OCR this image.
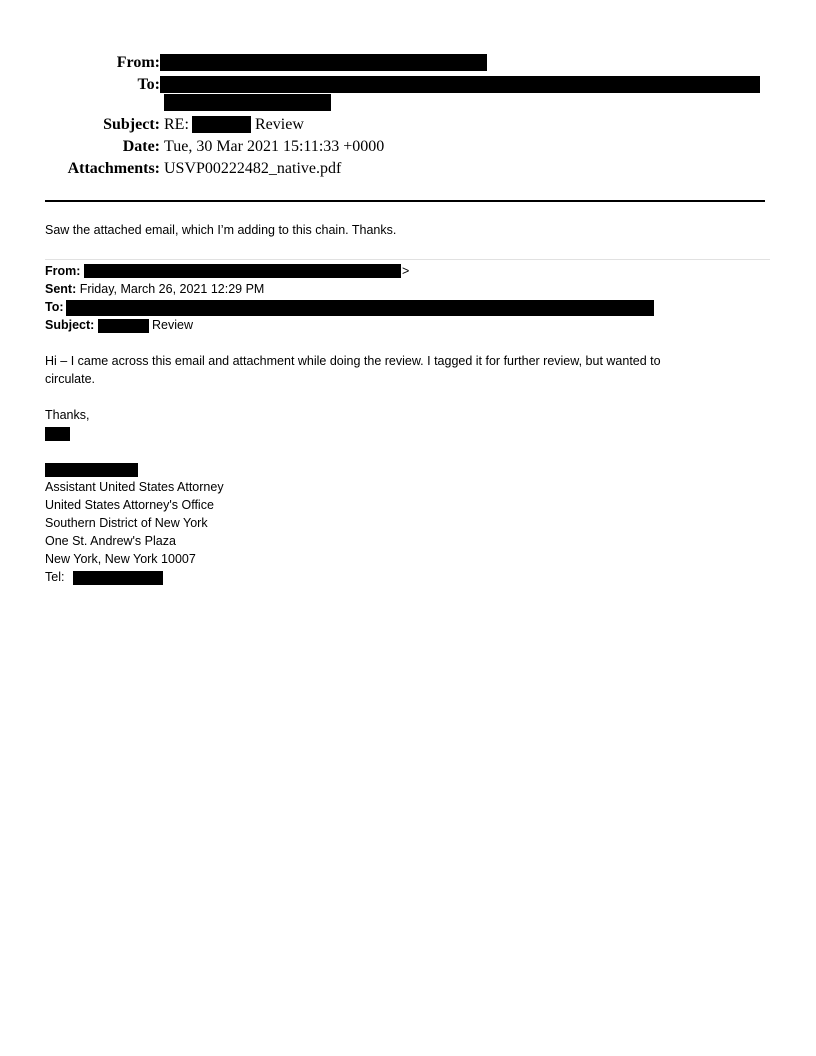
From:
To:
Subject: RE:	Review
Date: Tue, 30 Mar 2021 15:11:33 +0000
Attachments: USVP00222482_native.pdf
Saw the attached email, which I’m adding to this chain. Thanks.
From:	>
Sent: Friday, March 26, 2021 12:29 PM
To:
Subject:	Review
Hi – I came across this email and attachment while doing the review. I tagged it for further review, but wanted to
circulate.
Thanks,
Assistant United States Attorney
United States Attorney's Office
Southern District of New York
One St. Andrew's Plaza
New York, New York 10007
Tel:
